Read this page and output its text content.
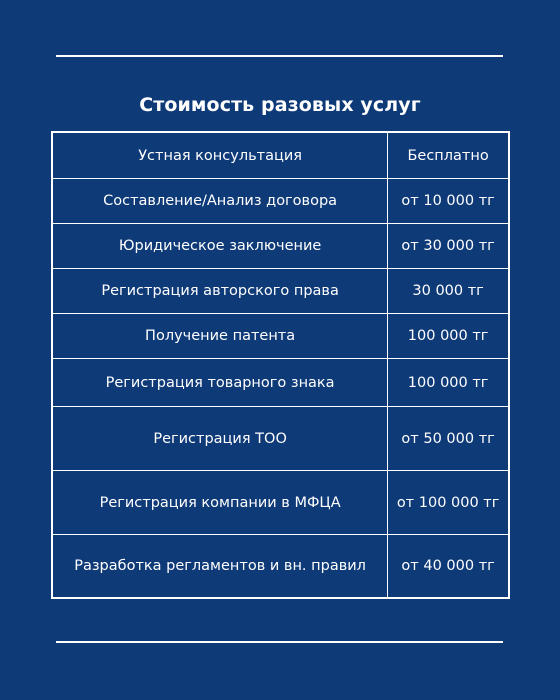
Стоимость разовых услуг
Устная консультация	Бесплатно
Составление/Анализ договора	от 10 000 тг
Юридическое заключение	от 30 000 тг
Регистрация авторского права	30 000 тг
Получение патента	100 000 тг
Регистрация товарного знака	100 000 тг
Регистрация ТОО	от 50 000 тг
Регистрация компании в МФЦА	от 100 000 тг
Разработка регламентов и вн. правил	от 40 000 тг
